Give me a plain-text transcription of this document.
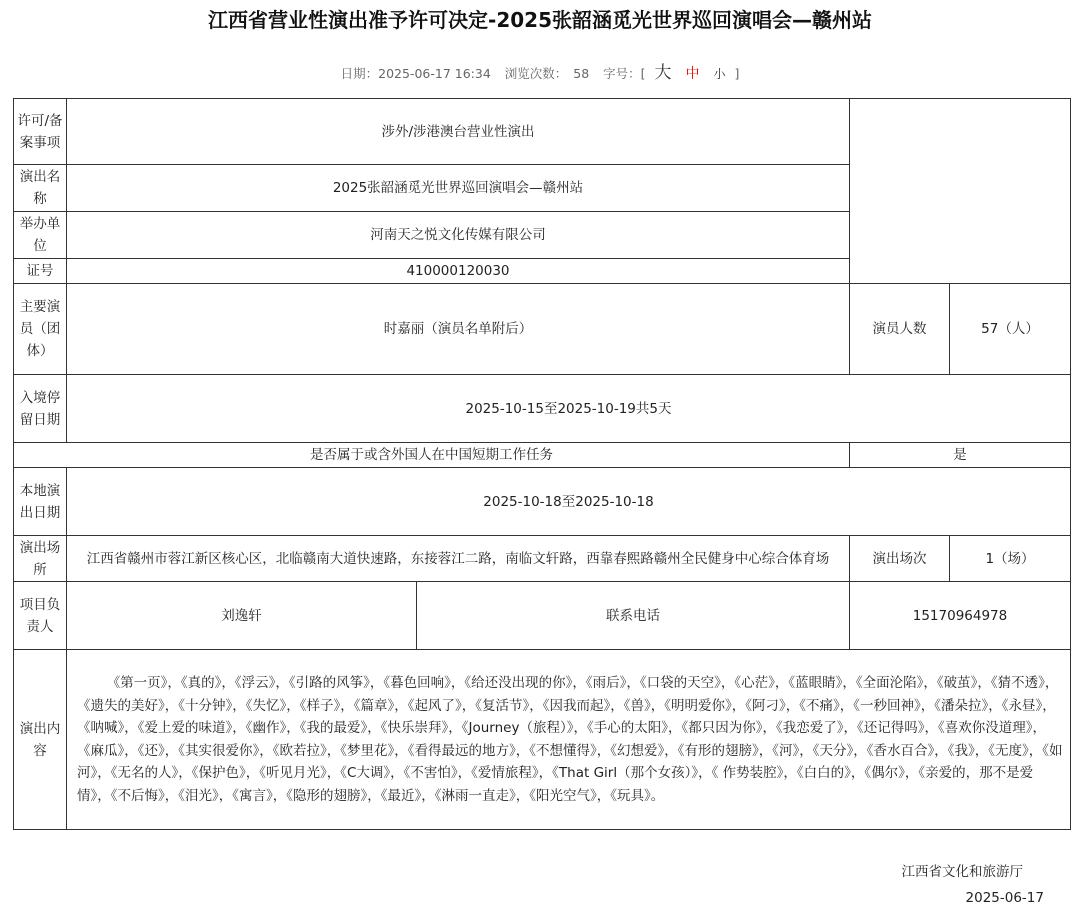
江西省营业性演出准予许可决定-2025张韶涵觅光世界巡回演唱会—赣州站
日期：2025-06-17 16:34 浏览次数： 58 字号：[ 大 中 小 ]
许可/备案事项	涉外/涉港澳台营业性演出			
演出名称	2025张韶涵觅光世界巡回演唱会—赣州站			
举办单位	河南天之悦文化传媒有限公司			
证号	410000120030			
主要演员（团体）	时嘉丽（演员名单附后）		演员人数	57（人）
入境停留日期	2025-10-15至2025-10-19共5天			
是否属于或含外国人在中国短期工作任务			是	
本地演出日期	2025-10-18至2025-10-18			
演出场所	江西省赣州市蓉江新区核心区，北临赣南大道快速路，东接蓉江二路，南临文轩路，西靠春熙路赣州全民健身中心综合体育场		演出场次	1（场）
项目负责人	刘逸轩	联系电话	15170964978	
演出内容	《第一页》，《真的》，《浮云》，《引路的风筝》，《暮色回响》，《给还没出现的你》，《雨后》，《口袋的天空》，《心茫》，《蓝眼睛》，《全面沦陷》，《破茧》，《猜不透》，《遗失的美好》，《十分钟》，《失忆》，《样子》，《篇章》，《起风了》，《复活节》，《因我而起》，《兽》，《明明爱你》，《阿刁》，《不痛》，《一秒回神》，《潘朵拉》，《永昼》，《呐喊》，《爱上爱的味道》，《幽作》，《我的最爱》，《快乐崇拜》，《Journey（旅程）》，《手心的太阳》，《都只因为你》，《我恋爱了》，《还记得吗》，《喜欢你没道理》，《麻瓜》，《还》，《其实很爱你》，《欧若拉》，《梦里花》，《看得最远的地方》，《不想懂得》，《幻想爱》，《有形的翅膀》，《河》，《天分》，《香水百合》，《我》，《无度》，《如河》，《无名的人》，《保护色》，《听见月光》，《C大调》，《不害怕》，《爱情旅程》，《That Girl（那个女孩）》，《 作势装腔》，《白白的》，《偶尔》，《亲爱的，那不是爱情》，《不后悔》，《泪光》，《寓言》，《隐形的翅膀》，《最近》，《淋雨一直走》，《阳光空气》，《玩具》。			
江西省文化和旅游厅
2025-06-17
